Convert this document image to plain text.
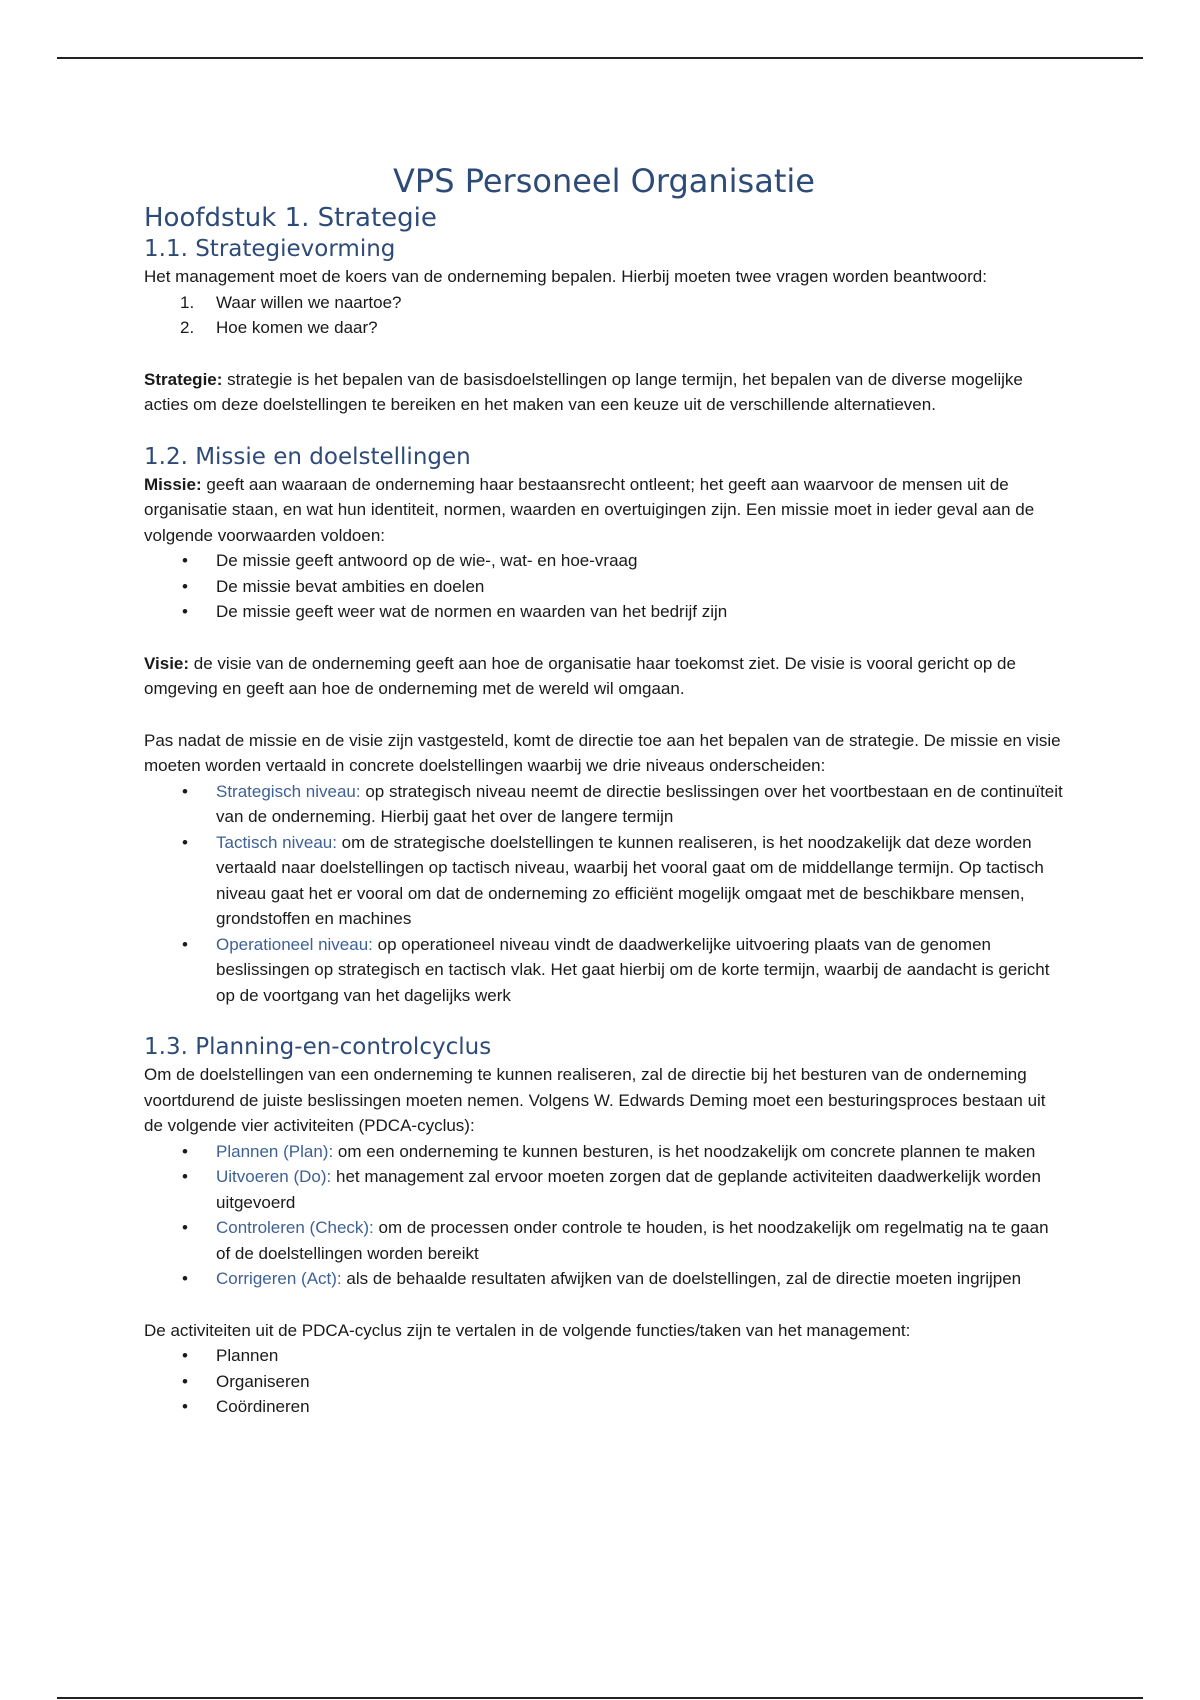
VPS Personeel Organisatie
Hoofdstuk 1. Strategie
1.1. Strategievorming

Het management moet de koers van de onderneming bepalen. Hierbij moeten twee vragen worden beantwoord:

1. Waar willen we naartoe?
2. Hoe komen we daar?

Strategie: strategie is het bepalen van de basisdoelstellingen op lange termijn, het bepalen van de diverse mogelijke acties om deze doelstellingen te bereiken en het maken van een keuze uit de verschillende alternatieven.

1.2. Missie en doelstellingen

Missie: geeft aan waaraan de onderneming haar bestaansrecht ontleent; het geeft aan waarvoor de mensen uit de organisatie staan, en wat hun identiteit, normen, waarden en overtuigingen zijn. Een missie moet in ieder geval aan de volgende voorwaarden voldoen:

• De missie geeft antwoord op de wie-, wat- en hoe-vraag
• De missie bevat ambities en doelen
• De missie geeft weer wat de normen en waarden van het bedrijf zijn

Visie: de visie van de onderneming geeft aan hoe de organisatie haar toekomst ziet. De visie is vooral gericht op de omgeving en geeft aan hoe de onderneming met de wereld wil omgaan.

Pas nadat de missie en de visie zijn vastgesteld, komt de directie toe aan het bepalen van de strategie. De missie en visie moeten worden vertaald in concrete doelstellingen waarbij we drie niveaus onderscheiden:

• Strategisch niveau: op strategisch niveau neemt de directie beslissingen over het voortbestaan en de continuïteit van de onderneming. Hierbij gaat het over de langere termijn
• Tactisch niveau: om de strategische doelstellingen te kunnen realiseren, is het noodzakelijk dat deze worden vertaald naar doelstellingen op tactisch niveau, waarbij het vooral gaat om de middellange termijn. Op tactisch niveau gaat het er vooral om dat de onderneming zo efficiënt mogelijk omgaat met de beschikbare mensen, grondstoffen en machines
• Operationeel niveau: op operationeel niveau vindt de daadwerkelijke uitvoering plaats van de genomen beslissingen op strategisch en tactisch vlak. Het gaat hierbij om de korte termijn, waarbij de aandacht is gericht op de voortgang van het dagelijks werk
1.3. Planning-en-controlcyclus

Om de doelstellingen van een onderneming te kunnen realiseren, zal de directie bij het besturen van de onderneming voortdurend de juiste beslissingen moeten nemen. Volgens W. Edwards Deming moet een besturingsproces bestaan uit de volgende vier activiteiten (PDCA-cyclus):

• Plannen (Plan): om een onderneming te kunnen besturen, is het noodzakelijk om concrete plannen te maken
• Uitvoeren (Do): het management zal ervoor moeten zorgen dat de geplande activiteiten daadwerkelijk worden uitgevoerd
• Controleren (Check): om de processen onder controle te houden, is het noodzakelijk om regelmatig na te gaan of de doelstellingen worden bereikt
• Corrigeren (Act): als de behaalde resultaten afwijken van de doelstellingen, zal de directie moeten ingrijpen

De activiteiten uit de PDCA-cyclus zijn te vertalen in de volgende functies/taken van het management:

• Plannen
• Organiseren
• Coördineren
